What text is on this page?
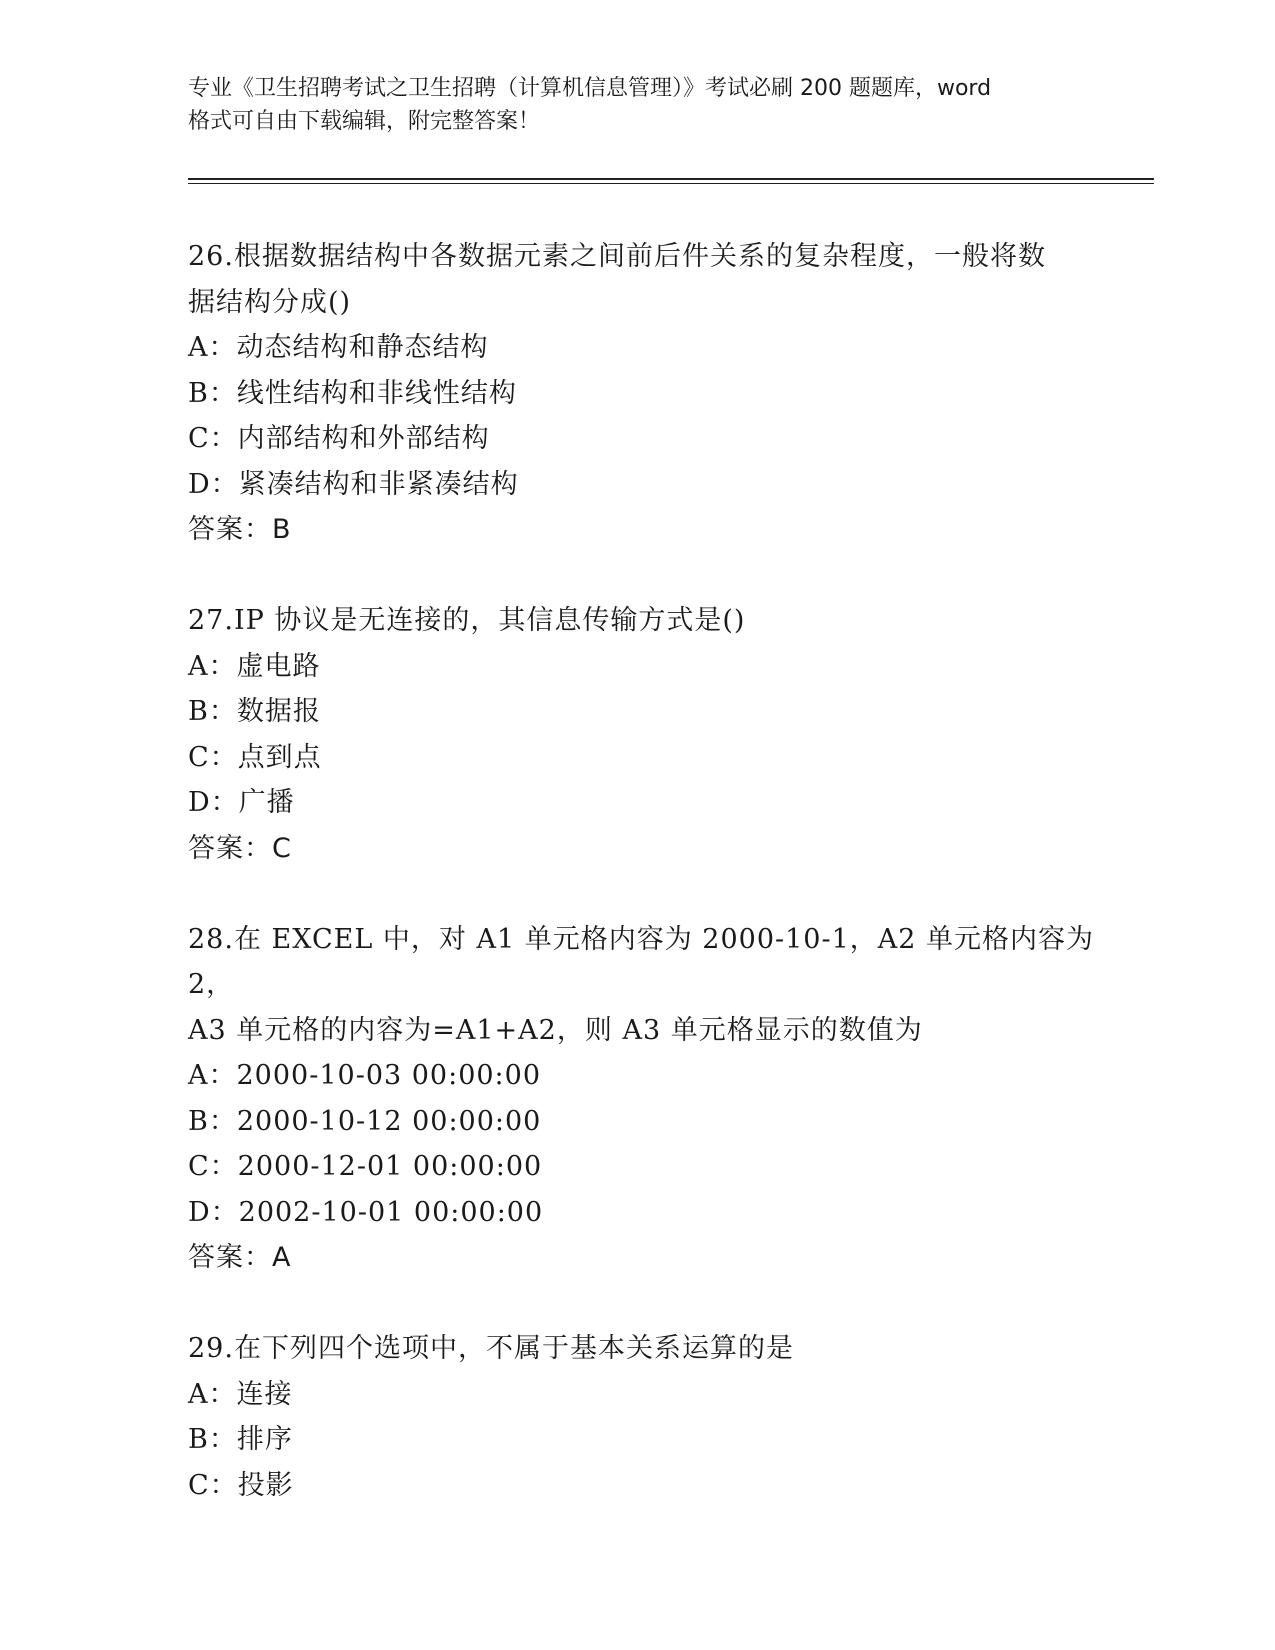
专业《卫生招聘考试之卫生招聘（计算机信息管理）》考试必刷 200 题题库，word
格式可自由下载编辑，附完整答案！
26.根据数据结构中各数据元素之间前后件关系的复杂程度，一般将数
据结构分成()
A：动态结构和静态结构
B：线性结构和非线性结构
C：内部结构和外部结构
D：紧凑结构和非紧凑结构
答案：B
27.IP 协议是无连接的，其信息传输方式是()
A：虚电路
B：数据报
C：点到点
D：广播
答案：C
28.在 EXCEL 中，对 A1 单元格内容为 2000-10-1，A2 单元格内容为 2，
A3 单元格的内容为=A1+A2，则 A3 单元格显示的数值为
A：2000-10-03 00:00:00
B：2000-10-12 00:00:00
C：2000-12-01 00:00:00
D：2002-10-01 00:00:00
答案：A
29.在下列四个选项中，不属于基本关系运算的是
A：连接
B：排序
C：投影
